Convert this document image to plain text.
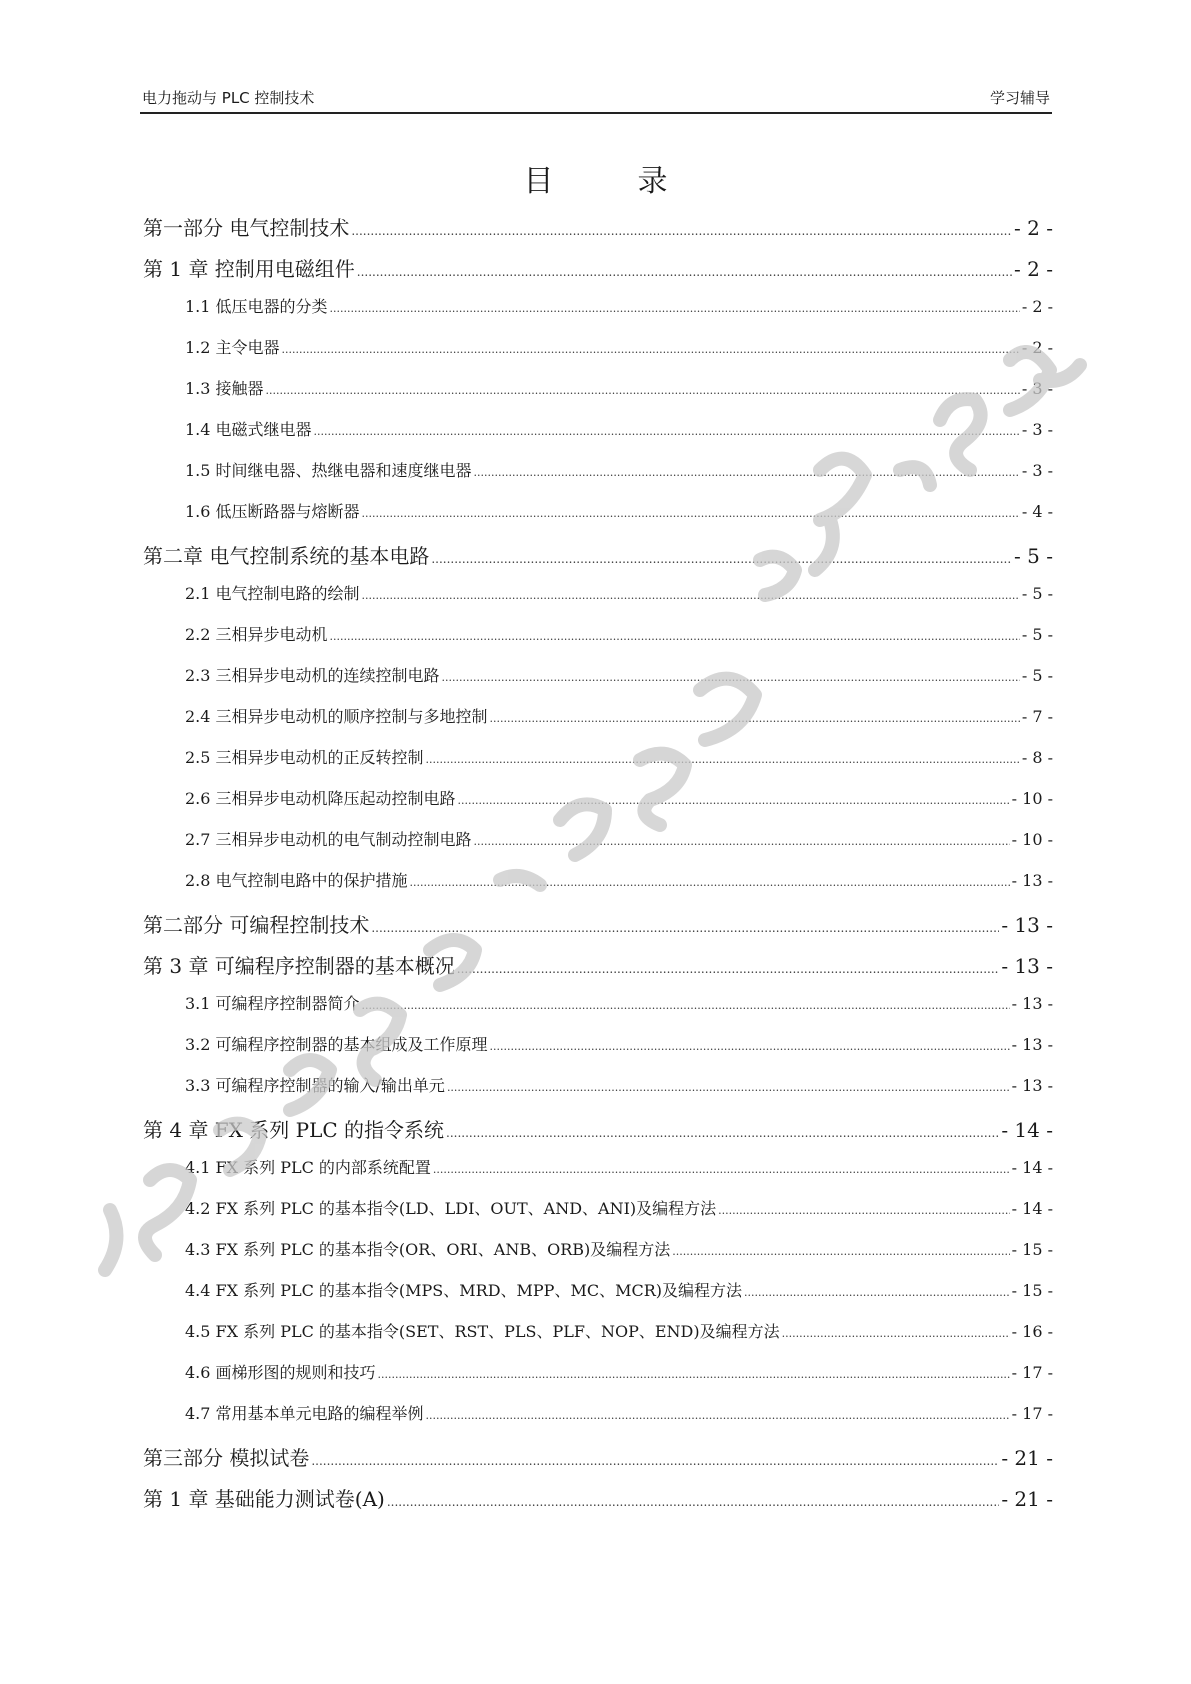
电力拖动与 PLC 控制技术	学习辅导
目	录
第一部分 电气控制技术 .....	- 2 -
第 1 章 控制用电磁组件 .....	- 2 -
1.1 低压电器的分类 .....	- 2 -
1.2 主令电器 .....	- 2 -
1.3 接触器 .....	- 3 -
1.4 电磁式继电器 .....	- 3 -
1.5 时间继电器、热继电器和速度继电器 .....	- 3 -
1.6 低压断路器与熔断器 .....	- 4 -
第二章 电气控制系统的基本电路 .....	- 5 -
2.1 电气控制电路的绘制 .....	- 5 -
2.2 三相异步电动机 .....	- 5 -
2.3 三相异步电动机的连续控制电路 .....	- 5 -
2.4 三相异步电动机的顺序控制与多地控制 .....	- 7 -
2.5 三相异步电动机的正反转控制 .....	- 8 -
2.6 三相异步电动机降压起动控制电路 .....	- 10 -
2.7 三相异步电动机的电气制动控制电路 .....	- 10 -
2.8 电气控制电路中的保护措施 .....	- 13 -
第二部分 可编程控制技术 .....	- 13 -
第 3 章 可编程序控制器的基本概况 .....	- 13 -
3.1 可编程序控制器简介 .....	- 13 -
3.2 可编程序控制器的基本组成及工作原理 .....	- 13 -
3.3 可编程序控制器的输入/输出单元 .....	- 13 -
第 4 章 FX 系列 PLC 的指令系统 .....	- 14 -
4.1 FX 系列 PLC 的内部系统配置 .....	- 14 -
4.2 FX 系列 PLC 的基本指令(LD、LDI、OUT、AND、ANI)及编程方法 .....	- 14 -
4.3 FX 系列 PLC 的基本指令(OR、ORI、ANB、ORB)及编程方法 .....	- 15 -
4.4 FX 系列 PLC 的基本指令(MPS、MRD、MPP、MC、MCR)及编程方法 .....	- 15 -
4.5 FX 系列 PLC 的基本指令(SET、RST、PLS、PLF、NOP、END)及编程方法 .....	- 16 -
4.6 画梯形图的规则和技巧 .....	- 17 -
4.7 常用基本单元电路的编程举例 .....	- 17 -
第三部分 模拟试卷 .....	- 21 -
第 1 章 基础能力测试卷(A) .....	- 21 -
